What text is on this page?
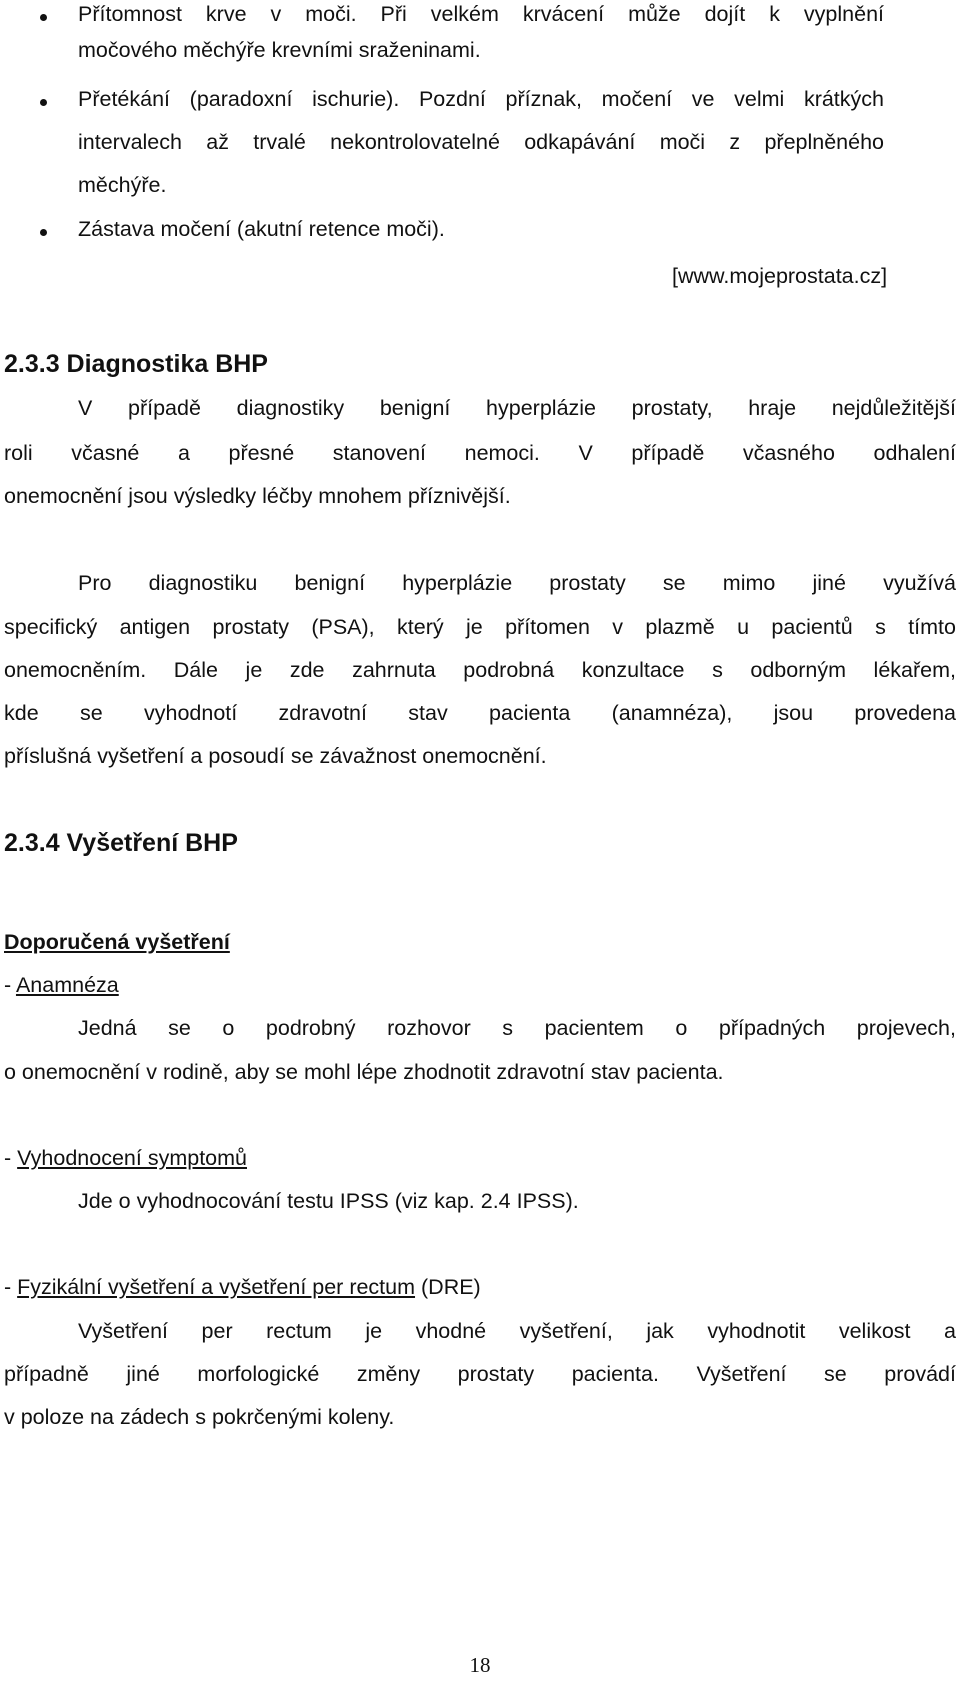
Přítomnost krve v moči. Při velkém krvácení může dojít k vyplnění
močového měchýře krevními sraženinami.
Přetékání (paradoxní ischurie). Pozdní příznak, močení ve velmi krátkých
intervalech až trvalé nekontrolovatelné odkapávání moči z přeplněného
měchýře.
Zástava močení (akutní retence moči).
[www.mojeprostata.cz]
2.3.3 Diagnostika BHP
V případě diagnostiky benigní hyperplázie prostaty, hraje nejdůležitější
roli včasné a přesné stanovení nemoci. V případě včasného odhalení
onemocnění jsou výsledky léčby mnohem příznivější.
Pro diagnostiku benigní hyperplázie prostaty se mimo jiné využívá
specifický antigen prostaty (PSA), který je přítomen v plazmě u pacientů s tímto
onemocněním. Dále je zde zahrnuta podrobná konzultace s odborným lékařem,
kde se vyhodnotí zdravotní stav pacienta (anamnéza), jsou provedena
příslušná vyšetření a posoudí se závažnost onemocnění.
2.3.4 Vyšetření BHP
Doporučená vyšetření
- Anamnéza
Jedná se o podrobný rozhovor s pacientem o případných projevech,
o onemocnění v rodině, aby se mohl lépe zhodnotit zdravotní stav pacienta.
- Vyhodnocení symptomů
Jde o vyhodnocování testu IPSS (viz kap. 2.4 IPSS).
- Fyzikální vyšetření a vyšetření per rectum (DRE)
Vyšetření per rectum je vhodné vyšetření, jak vyhodnotit velikost a
případně jiné morfologické změny prostaty pacienta. Vyšetření se provádí
v poloze na zádech s pokrčenými koleny.
18
